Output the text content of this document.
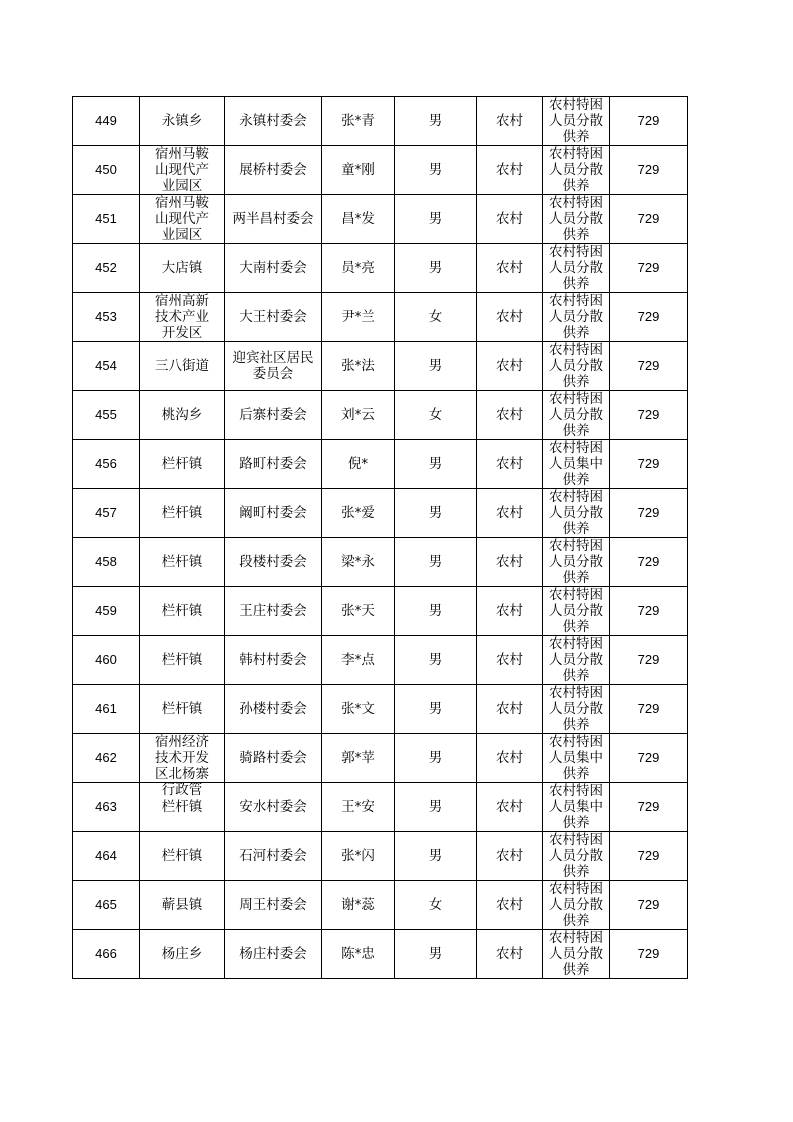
449	永镇乡	永镇村委会	张*青	男	农村	农村特困人员分散供养	729
450	宿州马鞍山现代产业园区	展桥村委会	童*刚	男	农村	农村特困人员分散供养	729
451	宿州马鞍山现代产业园区	两半昌村委会	昌*发	男	农村	农村特困人员分散供养	729
452	大店镇	大南村委会	员*亮	男	农村	农村特困人员分散供养	729
453	宿州高新技术产业开发区	大王村委会	尹*兰	女	农村	农村特困人员分散供养	729
454	三八街道	迎宾社区居民委员会	张*法	男	农村	农村特困人员分散供养	729
455	桃沟乡	后寨村委会	刘*云	女	农村	农村特困人员分散供养	729
456	栏杆镇	路町村委会	倪*	男	农村	农村特困人员集中供养	729
457	栏杆镇	阚町村委会	张*爱	男	农村	农村特困人员分散供养	729
458	栏杆镇	段楼村委会	梁*永	男	农村	农村特困人员分散供养	729
459	栏杆镇	王庄村委会	张*天	男	农村	农村特困人员分散供养	729
460	栏杆镇	韩村村委会	李*点	男	农村	农村特困人员分散供养	729
461	栏杆镇	孙楼村委会	张*文	男	农村	农村特困人员分散供养	729
462	宿州经济技术开发区北杨寨行政管	骑路村委会	郭*苹	男	农村	农村特困人员集中供养	729
463	栏杆镇	安水村委会	王*安	男	农村	农村特困人员集中供养	729
464	栏杆镇	石河村委会	张*闪	男	农村	农村特困人员分散供养	729
465	蕲县镇	周王村委会	谢*蕊	女	农村	农村特困人员分散供养	729
466	杨庄乡	杨庄村委会	陈*忠	男	农村	农村特困人员分散供养	729
